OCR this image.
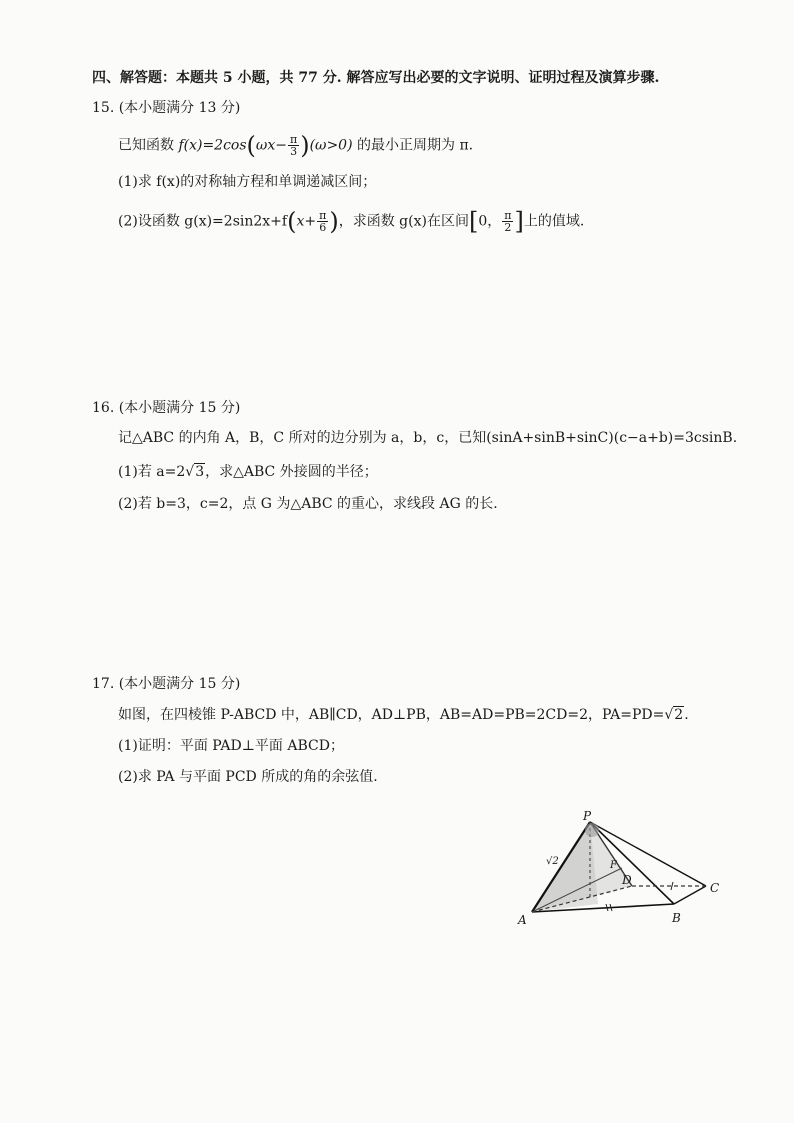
四、解答题：本题共 5 小题，共 77 分. 解答应写出必要的文字说明、证明过程及演算步骤.
15. (本小题满分 13 分)
已知函数 $f(x)=2\cos(\omega x- \frac{\pi}{3} )(\omega>0)$ 的最小正周期为 π.
(1)求 f(x)的对称轴方程和单调递减区间；
(2)设函数 $g(x)=2\sin 2x+f(x+ \frac{\pi}{6}$ )，求函数 g(x)在区间[0， $\frac{\pi}{2}$ ]上的值域.
16. (本小题满分 15 分)
记△ABC 的内角 A，B，C 所对的边分别为 a，b，c，已知(sinA+sinB+sinC)(c−a+b)=3csinB.
(1)若 a=2√3，求△ABC 外接圆的半径；
(2)若 b=3，c=2，点 G 为△ABC 的重心，求线段 AG 的长.
17. (本小题满分 15 分)
如图，在四棱锥 P-ABCD 中，AB∥CD，AD⊥PB，AB=AD=PB=2CD=2，PA=PD=√2.
(1)证明：平面 PAD⊥平面 ABCD；
(2)求 PA 与平面 PCD 所成的角的余弦值.
P
A	B
C
D
F
√2
